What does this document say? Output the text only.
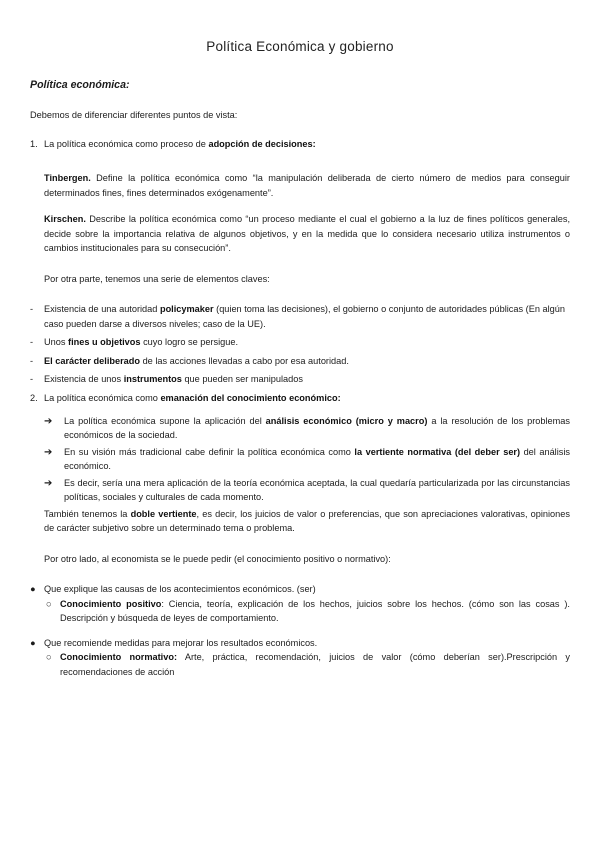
Política Económica y gobierno
Política económica:

Debemos de diferenciar diferentes puntos de vista:

1. La política económica como proceso de adopción de decisiones:

Tinbergen. Define la política económica como “la manipulación deliberada de cierto número de medios para conseguir determinados fines, fines determinados exógenamente”.

Kirschen. Describe la política económica como “un proceso mediante el cual el gobierno a la luz de fines políticos generales, decide sobre la importancia relativa de algunos objetivos, y en la medida que lo considera necesario utiliza instrumentos o cambios institucionales para su consecución”.

Por otra parte, tenemos una serie de elementos claves:

-	Existencia de una autoridad policymaker (quien toma las decisiones), el gobierno o conjunto de autoridades públicas (En algún caso pueden darse a diversos niveles; caso de la UE).
-	Unos fines u objetivos cuyo logro se persigue.
-	El carácter deliberado de las acciones llevadas a cabo por esa autoridad.
-	Existencia de unos instrumentos que pueden ser manipulados
2. La política económica como emanación del conocimiento económico:
➔	La política económica supone la aplicación del análisis económico (micro y macro) a la resolución de los problemas económicos de la sociedad.
➔	En su visión más tradicional cabe definir la política económica como la vertiente normativa (del deber ser) del análisis económico.
➔	Es decir, sería una mera aplicación de la teoría económica aceptada, la cual quedaría particularizada por las circunstancias políticas, sociales y culturales de cada momento.

También tenemos la doble vertiente, es decir, los juicios de valor o preferencias, que son apreciaciones valorativas, opiniones de carácter subjetivo sobre un determinado tema o problema.

Por otro lado, al economista se le puede pedir (el conocimiento positivo o normativo):

● Que explique las causas de los acontecimientos económicos. (ser)
○ Conocimiento positivo: Ciencia, teoría, explicación de los hechos, juicios sobre los hechos. (cómo son las cosas ). Descripción y búsqueda de leyes de comportamiento.
● Que recomiende medidas para mejorar los resultados económicos.
○ Conocimiento normativo: Arte, práctica, recomendación, juicios de valor (cómo deberían ser).Prescripción y recomendaciones de acción
